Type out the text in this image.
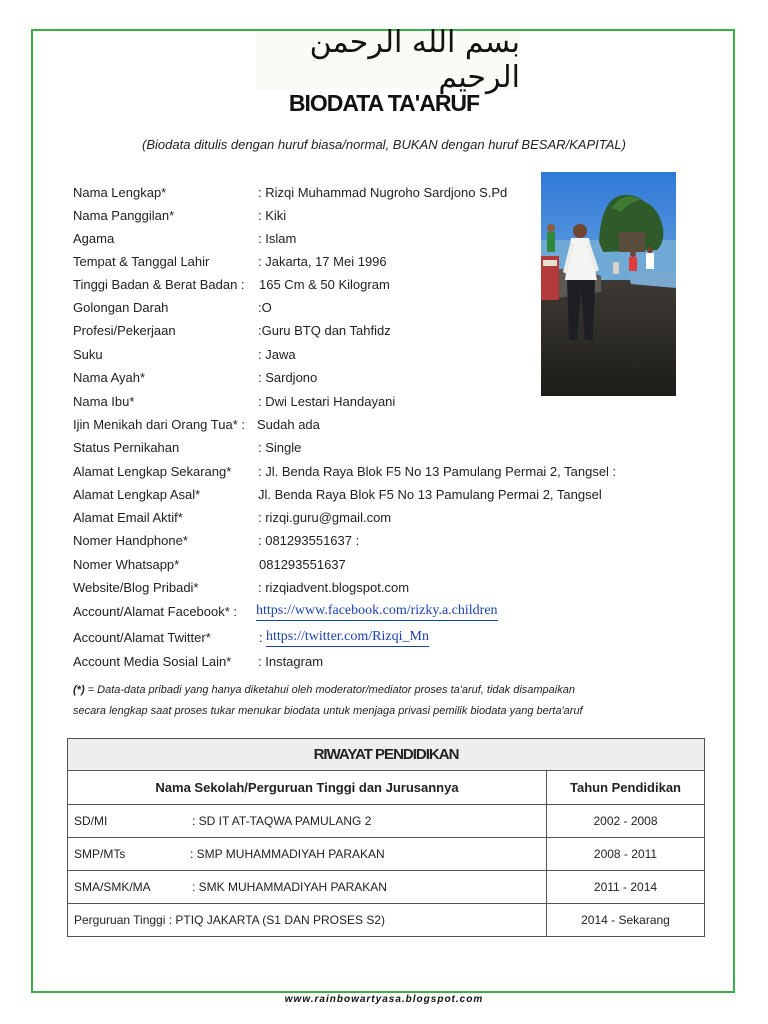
بسم الله الرحمن الرحيم
BIODATA TA'ARUF
(Biodata ditulis dengan huruf biasa/normal, BUKAN dengan huruf BESAR/KAPITAL)
Nama Lengkap*	: Rizqi Muhammad Nugroho Sardjono S.Pd
Nama Panggilan*	: Kiki
Agama	: Islam
Tempat & Tanggal Lahir	: Jakarta, 17 Mei 1996
Tinggi Badan & Berat Badan : 165 Cm & 50 Kilogram
Golongan Darah	:O
Profesi/Pekerjaan	:Guru BTQ dan Tahfidz
Suku	: Jawa
Nama Ayah*	: Sardjono
Nama Ibu*	: Dwi Lestari Handayani
Ijin Menikah dari Orang Tua* : Sudah ada
Status Pernikahan	: Single
Alamat Lengkap Sekarang* : Jl. Benda Raya Blok F5 No 13 Pamulang Permai 2, Tangsel :
Alamat Lengkap Asal*	Jl. Benda Raya Blok F5 No 13 Pamulang Permai 2, Tangsel
Alamat Email Aktif*	: rizqi.guru@gmail.com
Nomer Handphone*	: 081293551637 :
Nomer Whatsapp*	081293551637
Website/Blog Pribadi*	: rizqiadvent.blogspot.com
Account/Alamat Facebook* : https://www.facebook.com/rizky.a.children
Account/Alamat Twitter*	: https://twitter.com/Rizqi_Mn
Account Media Sosial Lain* : Instagram
(*) = Data-data pribadi yang hanya diketahui oleh moderator/mediator proses ta'aruf, tidak disampaikan
secara lengkap saat proses tukar menukar biodata untuk menjaga privasi pemilik biodata yang berta'aruf
RIWAYAT PENDIDIKAN	
Nama Sekolah/Perguruan Tinggi dan Jurusannya	Tahun Pendidikan

SD/MI : SD IT AT-TAQWA PAMULANG 2	2002 - 2008

SMP/MTs : SMP MUHAMMADIYAH PARAKAN	2008 - 2011

SMA/SMK/MA : SMK MUHAMMADIYAH PARAKAN	2011 - 2014

Perguruan Tinggi : PTIQ JAKARTA (S1 DAN PROSES S2)	2014 - Sekarang
www.rainbowartyasa.blogspot.com
